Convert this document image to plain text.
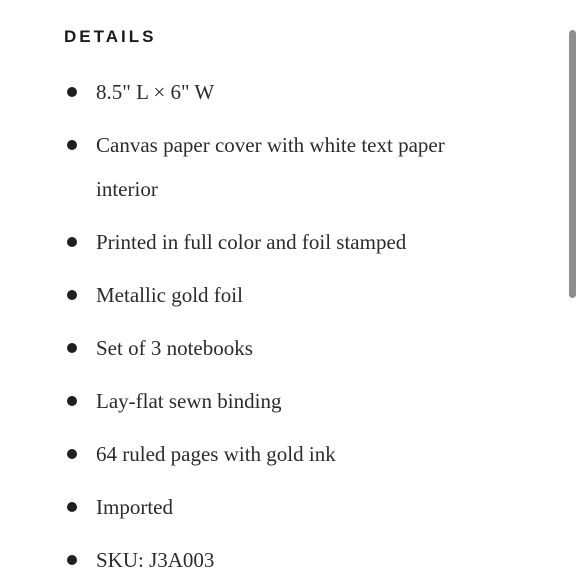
DETAILS
8.5" L × 6" W
Canvas paper cover with white text paper interior
Printed in full color and foil stamped
Metallic gold foil
Set of 3 notebooks
Lay-flat sewn binding
64 ruled pages with gold ink
Imported
SKU: J3A003
